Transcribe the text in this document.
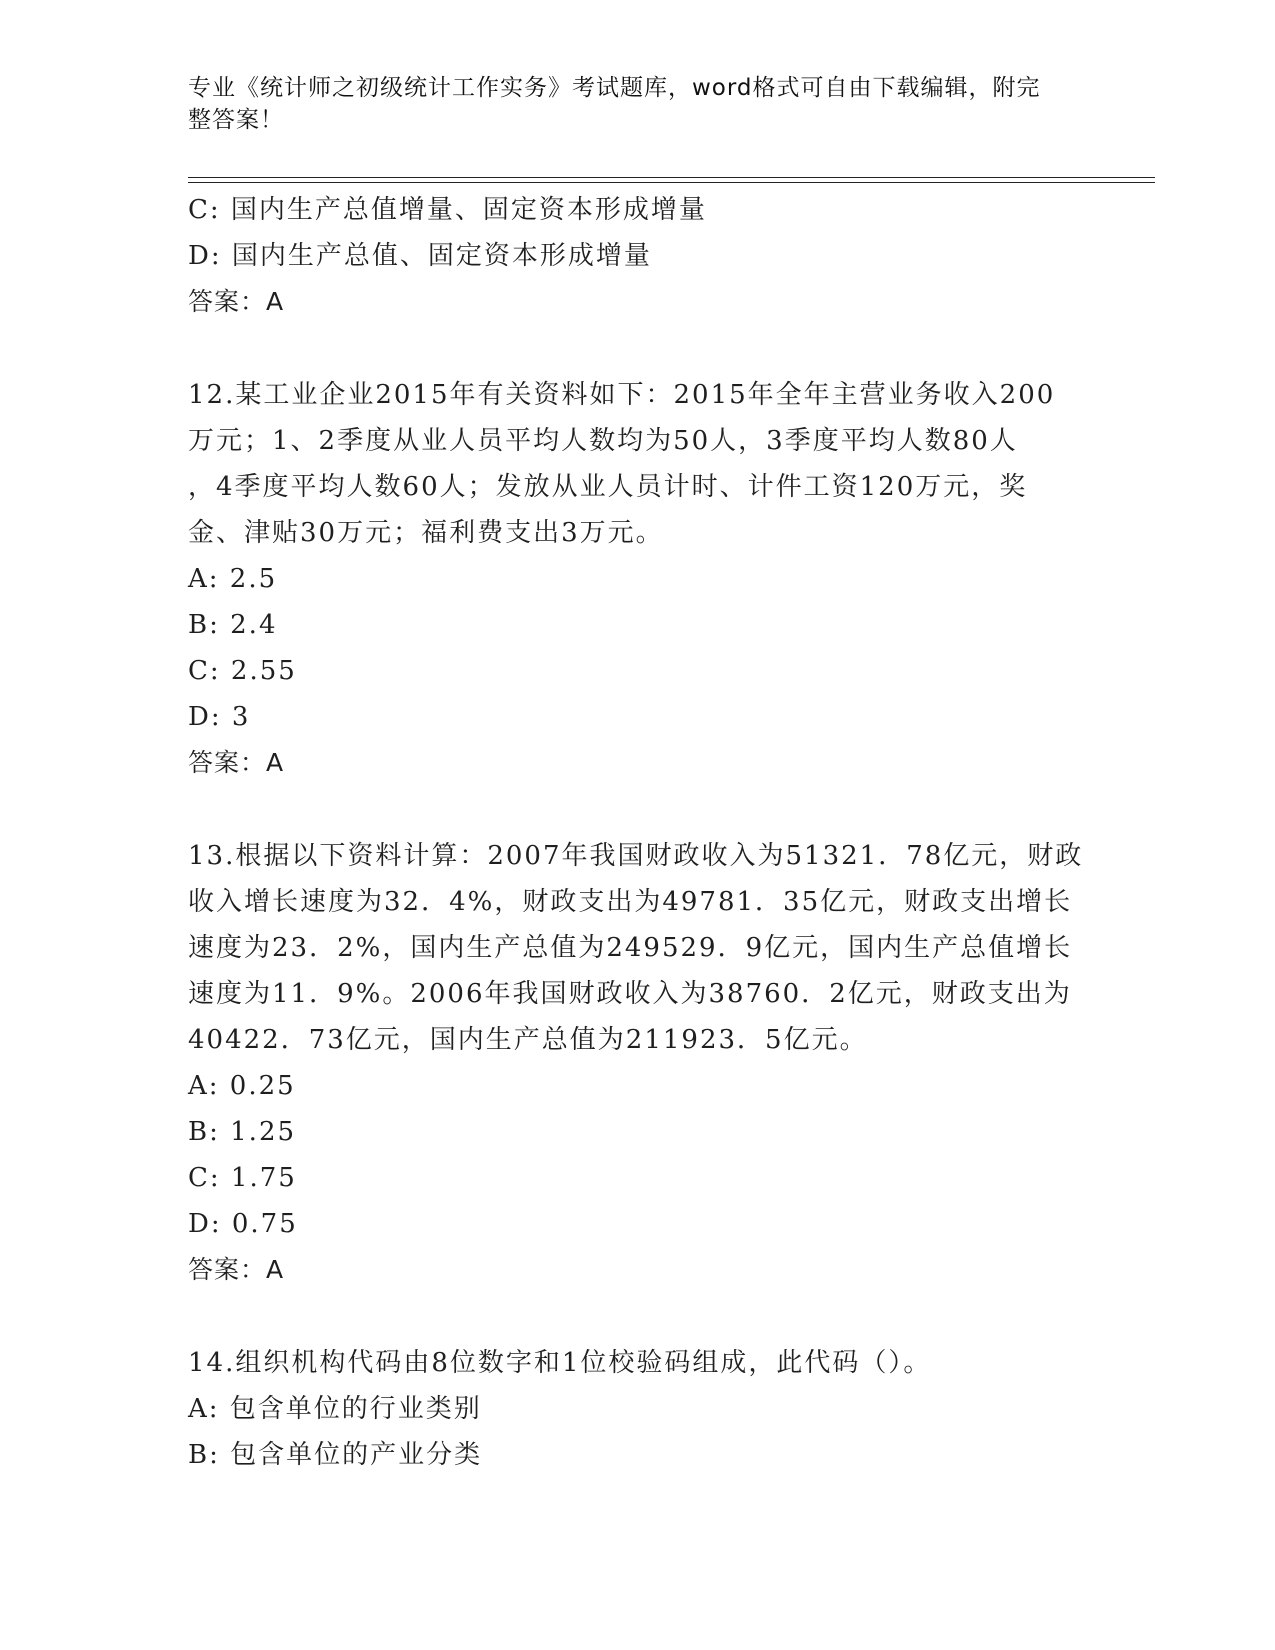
专业《统计师之初级统计工作实务》考试题库，word格式可自由下载编辑，附完
整答案！
C: 国内生产总值增量、固定资本形成增量
D: 国内生产总值、固定资本形成增量
答案：A
12.某工业企业2015年有关资料如下：2015年全年主营业务收入200
万元；1、2季度从业人员平均人数均为50人，3季度平均人数80人
，4季度平均人数60人；发放从业人员计时、计件工资120万元，奖
金、津贴30万元；福利费支出3万元。
A: 2.5
B: 2.4
C: 2.55
D: 3
答案：A
13.根据以下资料计算：2007年我国财政收入为51321．78亿元，财政
收入增长速度为32．4%，财政支出为49781．35亿元，财政支出增长
速度为23．2%，国内生产总值为249529．9亿元，国内生产总值增长
速度为11．9%。2006年我国财政收入为38760．2亿元，财政支出为
40422．73亿元，国内生产总值为211923．5亿元。
A: 0.25
B: 1.25
C: 1.75
D: 0.75
答案：A
14.组织机构代码由8位数字和1位校验码组成，此代码（）。
A: 包含单位的行业类别
B: 包含单位的产业分类
